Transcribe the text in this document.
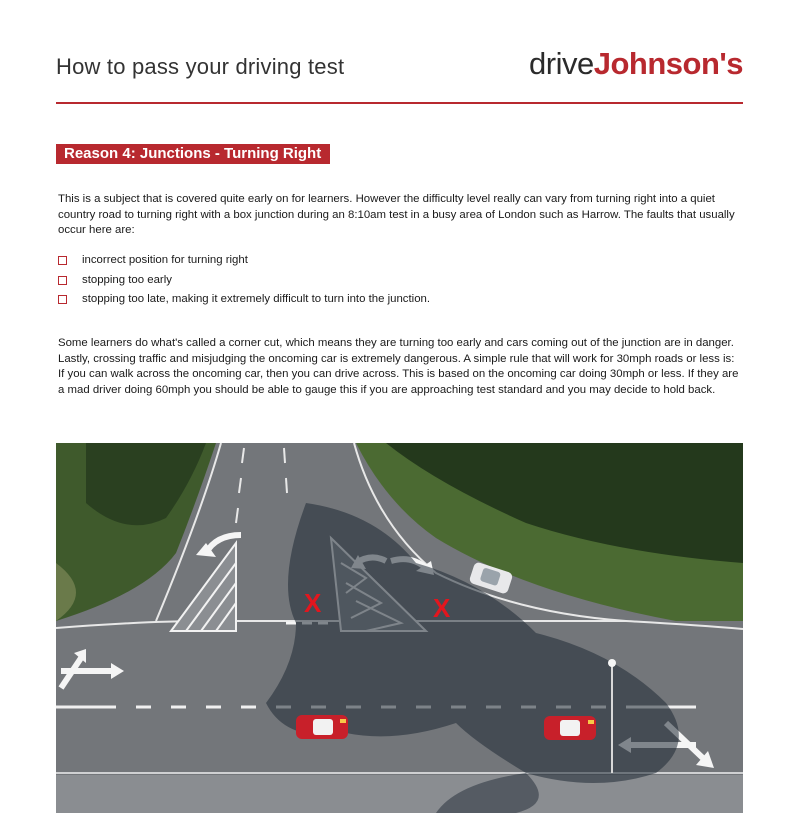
How to pass your driving test	driveJohnson's
Reason 4: Junctions - Turning Right

This is a subject that is covered quite early on for learners. However the difficulty level really can vary from turning right into a quiet country road to turning right with a box junction during an 8:10am test in a busy area of London such as Harrow. The faults that usually occur here are:

incorrect position for turning right
stopping too early
stopping too late, making it extremely difficult to turn into the junction.

Some learners do what's called a corner cut, which means they are turning too early and cars coming out of the junction are in danger. Lastly, crossing traffic and misjudging the oncoming car is extremely dangerous. A simple rule that will work for 30mph roads or less is: If you can walk across the oncoming car, then you can drive across. This is based on the oncoming car doing 30mph or less. If they are a mad driver doing 60mph you should be able to gauge this if you are approaching test standard and you may decide to hold back.

X	X
